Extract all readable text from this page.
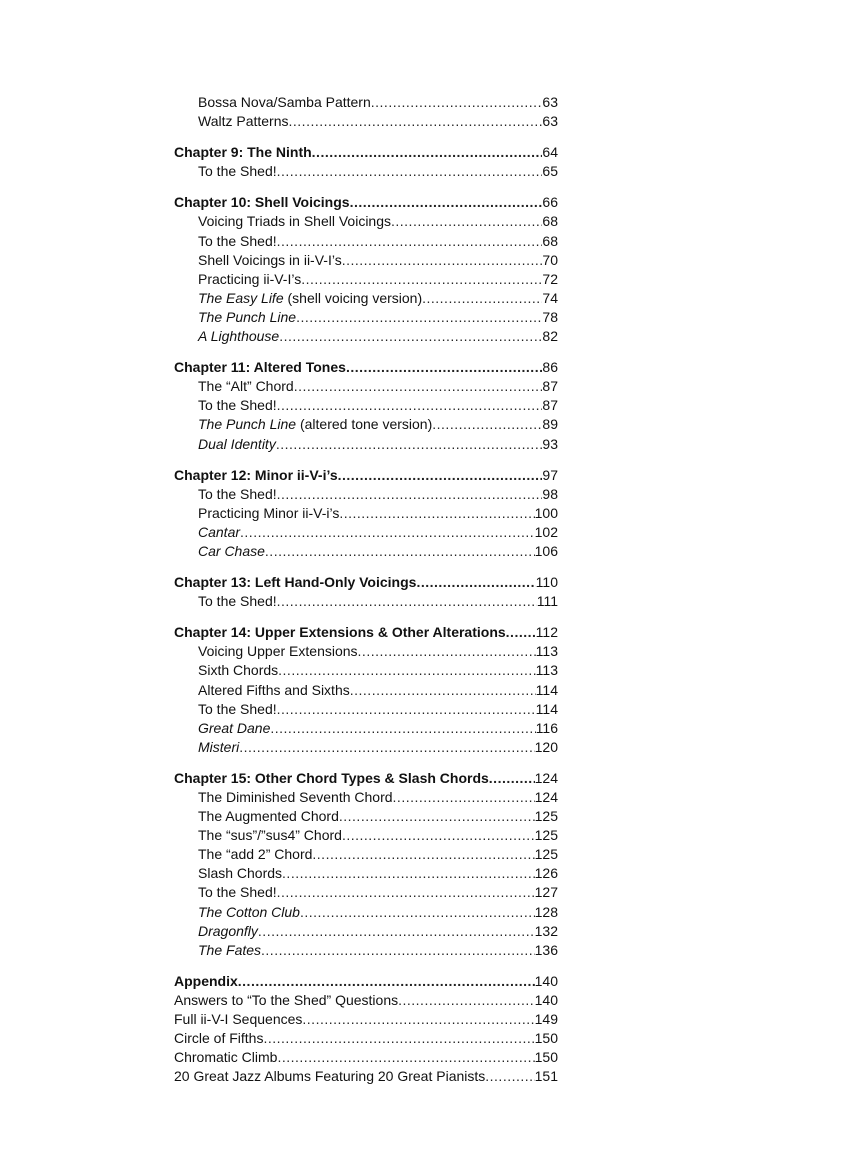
Bossa Nova/Samba Pattern .....	63
Waltz Patterns .....	63
Chapter 9: The Ninth .....	64
To the Shed! .....	65
Chapter 10: Shell Voicings .....	66
Voicing Triads in Shell Voicings .....	68
To the Shed! .....	68
Shell Voicings in ii-V-I’s .....	70
Practicing ii-V-I’s .....	72
The Easy Life (shell voicing version) .....	74
The Punch Line .....	78
A Lighthouse .....	82
Chapter 11: Altered Tones .....	86
The “Alt” Chord .....	87
To the Shed! .....	87
The Punch Line (altered tone version) .....	89
Dual Identity .....	93
Chapter 12: Minor ii-V-i’s .....	97
To the Shed! .....	98
Practicing Minor ii-V-i’s .....	100
Cantar .....	102
Car Chase .....	106
Chapter 13: Left Hand-Only Voicings .....	110
To the Shed! .....	111
Chapter 14: Upper Extensions & Other Alterations ..... 112
Voicing Upper Extensions .....	113
Sixth Chords .....	113
Altered Fifths and Sixths .....	114
To the Shed! .....	114
Great Dane .....	116
Misteri .....	120
Chapter 15: Other Chord Types & Slash Chords .....	124
The Diminished Seventh Chord .....	124
The Augmented Chord .....	125
The “sus”/”sus4” Chord .....	125
The “add 2” Chord .....	125
Slash Chords .....	126
To the Shed! .....	127
The Cotton Club .....	128
Dragonfly .....	132
The Fates .....	136
Appendix .....	140
Answers to “To the Shed” Questions .....	140
Full ii-V-I Sequences .....	149
Circle of Fifths .....	150
Chromatic Climb .....	150
20 Great Jazz Albums Featuring 20 Great Pianists .....	151
